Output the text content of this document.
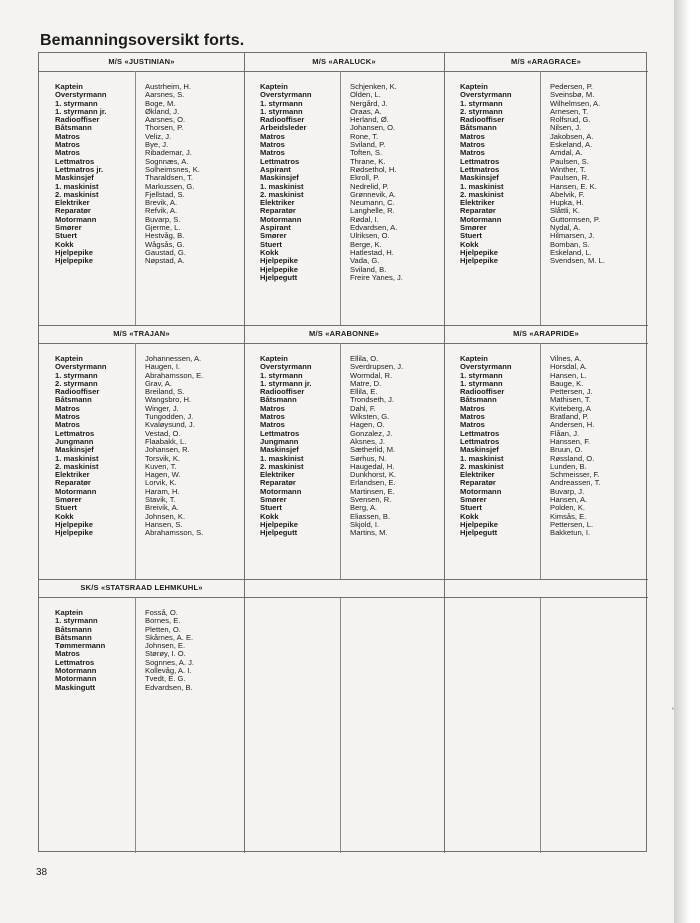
Bemanningsoversikt forts.
M/S «JUSTINIAN»
Kaptein	Austrheim, H.
Overstyrmann	Aarsnes, S.
1. styrmann	Boge, M.
1. styrmann jr.	Økland, J.
Radiooffiser	Aarsnes, O.
Båtsmann	Thorsen, P.
Matros	Veliz, J.
Matros	Bye, J.
Matros	Ribademar, J.
Lettmatros	Sognnæs, A.
Lettmatros jr.	Solheimsnes, K.
Maskinsjef	Tharaldsen, T.
1. maskinist	Markussen, G.
2. maskinist	Fjellstad, S.
Elektriker	Brevik, A.
Reparatør	Refvik, A.
Motormann	Buvarp, S.
Smører	Gjerme, L.
Stuert	Hestvåg, B.
Kokk	Wågsås, G.
Hjelpepike	Gaustad, G.
Hjelpepike	Nøpstad, A.
M/S «ARALUCK»
Kaptein	Schjenken, K.
Overstyrmann	Olden, L.
1. styrmann	Nergård, J.
1. styrmann	Oraas, A.
Radiooffiser	Herland, Ø.
Arbeidsleder	Johansen, O.
Matros	Rone, T.
Matros	Sviland, P.
Matros	Toften, S.
Lettmatros	Thrane, K.
Aspirant	Rødsethol, H.
Maskinsjef	Ekroll, P.
1. maskinist	Nedrelid, P.
2. maskinist	Grønnevik, A.
Elektriker	Neumann, C.
Reparatør	Langhelle, R.
Motormann	Rødal, I.
Aspirant	Edvardsen, A.
Smører	Ulriksen, O.
Stuert	Berge, K.
Kokk	Hatlestad, H.
Hjelpepike	Vada, G.
Hjelpepike	Sviland, B.
Hjelpegutt	Freire Yanes, J.
M/S «ARAGRACE»
Kaptein	Pedersen, P.
Overstyrmann	Sveinsbø, M.
1. styrmann	Wilhelmsen, A.
2. styrmann	Arnesen, T.
Radiooffiser	Rolfsrud, G.
Båtsmann	Nilsen, J.
Matros	Jakobsen, A.
Matros	Eskeland, A.
Matros	Amdal, A.
Lettmatros	Paulsen, S.
Lettmatros	Winther, T.
Maskinsjef	Paulsen, R.
1. maskinist	Hansen, E. K.
2. maskinist	Abelvik, F.
Elektriker	Hupka, H.
Reparatør	Slåttli, K.
Motormann	Guttormsen, P.
Smører	Nydal, A.
Stuert	Hilmarsen, J.
Kokk	Bomban, S.
Hjelpepike	Eskeland, L.
Hjelpepike	Svendsen, M. L.
M/S «TRAJAN»
Kaptein	Johannessen, A.
Overstyrmann	Haugen, I.
1. styrmann	Abrahamsson, E.
2. styrmann	Grav, A.
Radiooffiser	Breiland, S.
Båtsmann	Wangsbro, H.
Matros	Winger, J.
Matros	Tungodden, J.
Matros	Kvaløysund, J.
Lettmatros	Vestad, O.
Jungmann	Flaabakk, L.
Maskinsjef	Johansen, R.
1. maskinist	Torsvik, K.
2. maskinist	Kuven, T.
Elektriker	Hagen, W.
Reparatør	Lorvik, K.
Motormann	Haram, H.
Smører	Stavik, T.
Stuert	Breivik, A.
Kokk	Johnsen, K.
Hjelpepike	Hansen, S.
Hjelpepike	Abrahamsson, S.
M/S «ARABONNE»
Kaptein	Ellila, O.
Overstyrmann	Sverdrupsen, J.
1. styrmann	Wormdal, R.
1. styrmann jr.	Matre, D.
Radiooffiser	Ellila, E.
Båtsmann	Trondseth, J.
Matros	Dahl, F.
Matros	Wiksten, G.
Matros	Hagen, O.
Lettmatros	Gonzalez, J.
Jungmann	Aksnes, J.
Maskinsjef	Sætherlid, M.
1. maskinist	Sørhus, N.
2. maskinist	Haugedal, H.
Elektriker	Dunkhorst, K.
Reparatør	Erlandsen, E.
Motormann	Martinsen, E.
Smører	Svensen, R.
Stuert	Berg, A.
Kokk	Eliassen, B.
Hjelpepike	Skjold, I.
Hjelpegutt	Martins, M.
M/S «ARAPRIDE»
Kaptein	Vilnes, A.
Overstyrmann	Horsdal, A.
1. styrmann	Hansen, L.
1. styrmann	Bauge, K.
Radiooffiser	Pettersen, J.
Båtsmann	Mathisen, T.
Matros	Kviteberg, A
Matros	Bratland, P.
Matros	Andersen, H.
Lettmatros	Flåan, J.
Lettmatros	Hanssen, F.
Maskinsjef	Bruun, O.
1. maskinist	Røssland, O.
2. maskinist	Lunden, B.
Elektriker	Schmeisser, F.
Reparatør	Andreassen, T.
Motormann	Buvarp, J.
Smører	Hansen, A.
Stuert	Polden, K.
Kokk	Kimsås, E.
Hjelpepike	Pettersen, L.
Hjelpegutt	Bakketun, I.
SK/S «STATSRAAD LEHMKUHL»
Kaptein	Fosså, O.
1. styrmann	Bornes, E.
Båtsmann	Pletten, O.
Båtsmann	Skårnes, A. E.
Tømmermann	Johnsen, E.
Matros	Størøy, I. O.
Lettmatros	Sognnes, A. J.
Motormann	Kollevåg, A. I.
Motormann	Tvedt, E. G.
Maskingutt	Edvardsen, B.
38
'
